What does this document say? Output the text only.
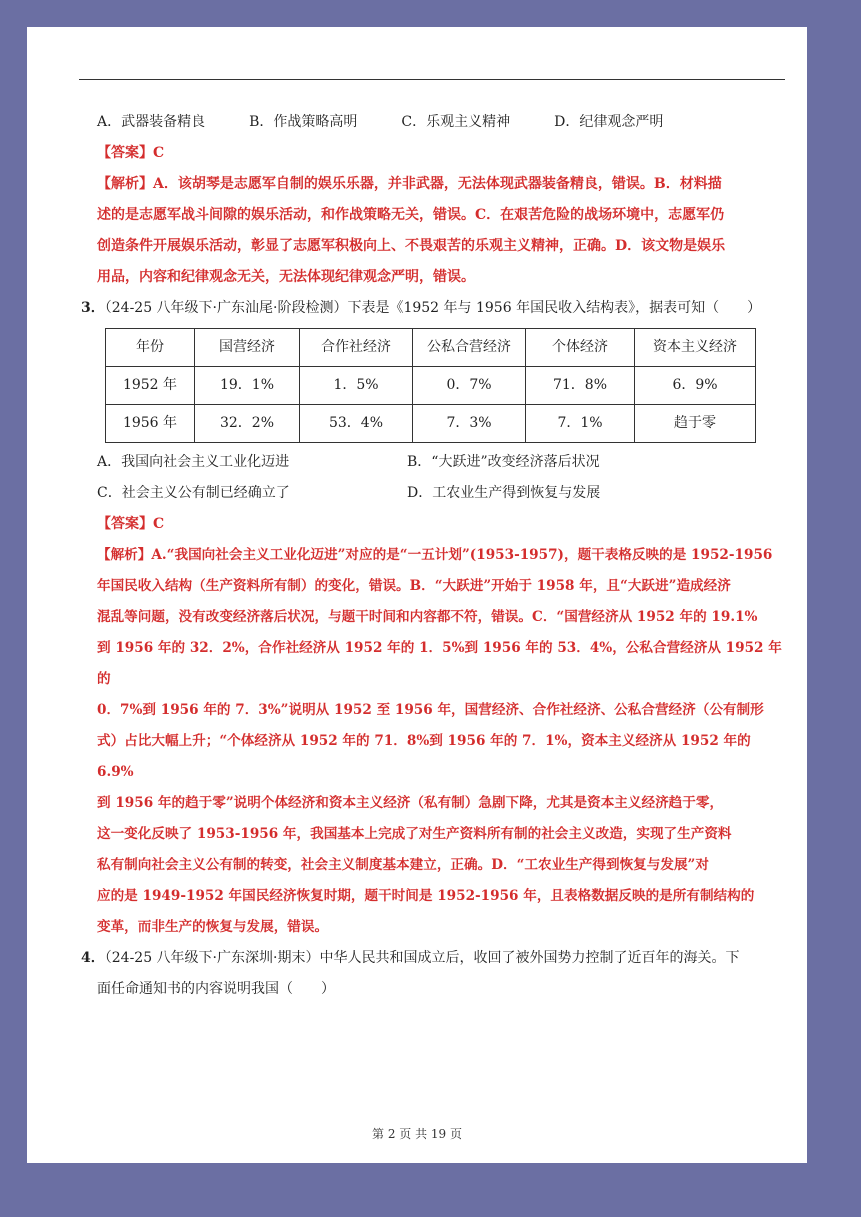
A．武器装备精良	B．作战策略高明	C．乐观主义精神	D．纪律观念严明
【答案】C
【解析】A．该胡琴是志愿军自制的娱乐乐器，并非武器，无法体现武器装备精良，错误。B．材料描
述的是志愿军战斗间隙的娱乐活动，和作战策略无关，错误。C．在艰苦危险的战场环境中，志愿军仍
创造条件开展娱乐活动，彰显了志愿军积极向上、不畏艰苦的乐观主义精神，正确。D．该文物是娱乐
用品，内容和纪律观念无关，无法体现纪律观念严明，错误。
3．（24-25 八年级下·广东汕尾·阶段检测）下表是《1952 年与 1956 年国民收入结构表》，据表可知（　　）
年份	国营经济	合作社经济	公私合营经济	个体经济	资本主义经济
1952 年	19．1%	1．5%	0．7%	71．8%	6．9%
1956 年	32．2%	53．4%	7．3%	7．1%	趋于零
A．我国向社会主义工业化迈进	B．“大跃进”改变经济落后状况
C．社会主义公有制已经确立了	D．工农业生产得到恢复与发展
【答案】C
【解析】A.“我国向社会主义工业化迈进”对应的是“一五计划”(1953-1957)，题干表格反映的是 1952-1956
年国民收入结构（生产资料所有制）的变化，错误。B．“大跃进”开始于 1958 年，且“大跃进”造成经济
混乱等问题，没有改变经济落后状况，与题干时间和内容都不符，错误。C．“国营经济从 1952 年的 19.1%
到 1956 年的 32．2%，合作社经济从 1952 年的 1．5%到 1956 年的 53．4%，公私合营经济从 1952 年的
0．7%到 1956 年的 7．3%”说明从 1952 至 1956 年，国营经济、合作社经济、公私合营经济（公有制形
式）占比大幅上升；“个体经济从 1952 年的 71．8%到 1956 年的 7．1%，资本主义经济从 1952 年的 6.9%
到 1956 年的趋于零”说明个体经济和资本主义经济（私有制）急剧下降，尤其是资本主义经济趋于零，
这一变化反映了 1953-1956 年，我国基本上完成了对生产资料所有制的社会主义改造，实现了生产资料
私有制向社会主义公有制的转变，社会主义制度基本建立，正确。D．“工农业生产得到恢复与发展”对
应的是 1949-1952 年国民经济恢复时期，题干时间是 1952-1956 年，且表格数据反映的是所有制结构的
变革，而非生产的恢复与发展，错误。
4．（24-25 八年级下·广东深圳·期末）中华人民共和国成立后，收回了被外国势力控制了近百年的海关。下
面任命通知书的内容说明我国（　　）
第 2 页 共 19 页
